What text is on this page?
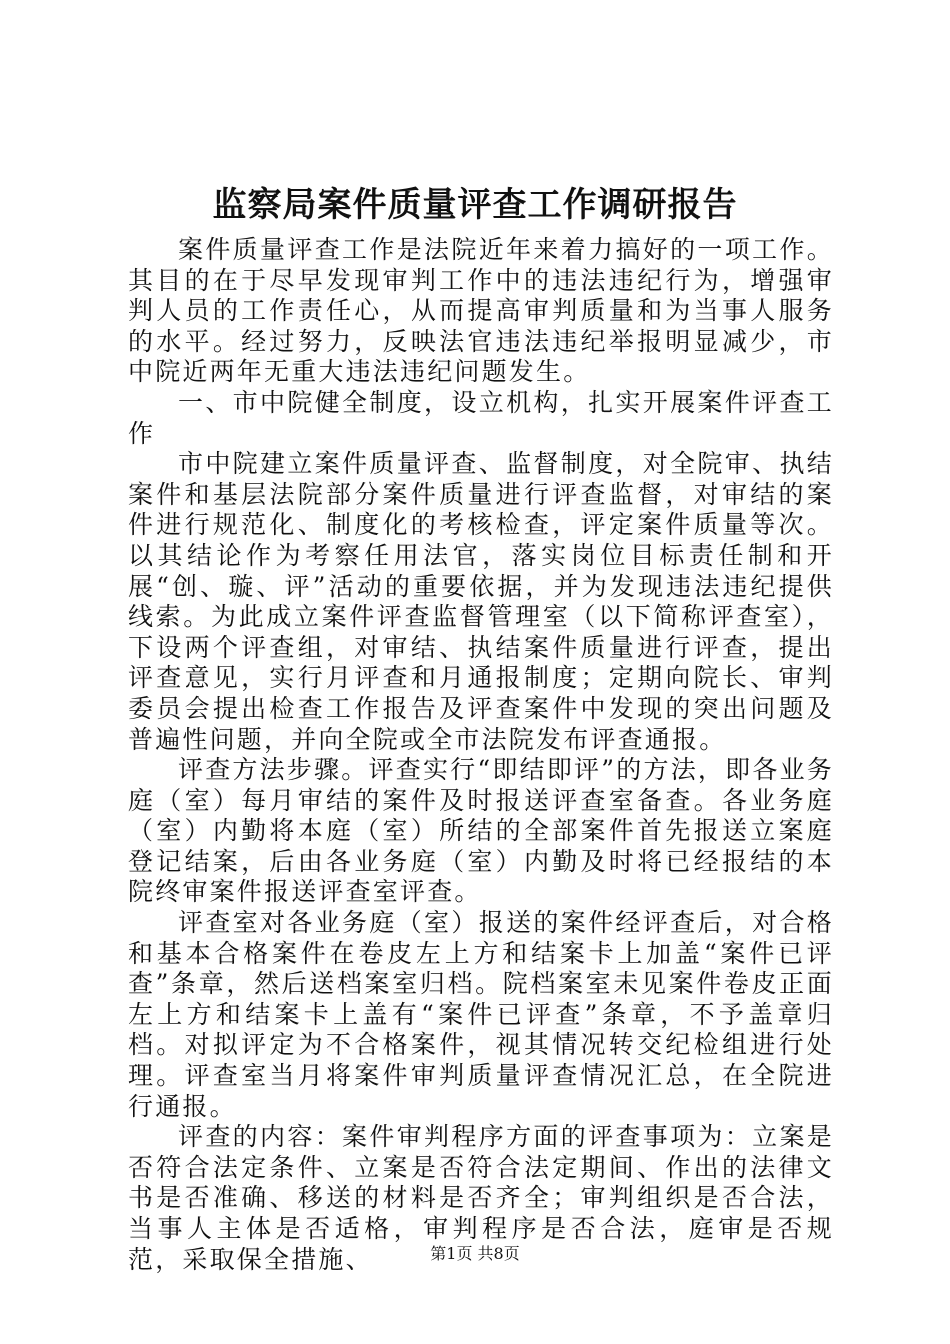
监察局案件质量评查工作调研报告

案件质量评查工作是法院近年来着力搞好的一项工作。其目的在于尽早发现审判工作中的违法违纪行为，增强审判人员的工作责任心，从而提高审判质量和为当事人服务的水平。经过努力，反映法官违法违纪举报明显减少，市中院近两年无重大违法违纪问题发生。

一、市中院健全制度，设立机构，扎实开展案件评查工作

市中院建立案件质量评查、监督制度，对全院审、执结案件和基层法院部分案件质量进行评查监督，对审结的案件进行规范化、制度化的考核检查，评定案件质量等次。以其结论作为考察任用法官，落实岗位目标责任制和开展“创、璇、评”活动的重要依据，并为发现违法违纪提供线索。为此成立案件评查监督管理室（以下简称评查室），下设两个评查组，对审结、执结案件质量进行评查，提出评查意见，实行月评查和月通报制度；定期向院长、审判委员会提出检查工作报告及评查案件中发现的突出问题及普遍性问题，并向全院或全市法院发布评查通报。

评查方法步骤。评查实行“即结即评”的方法，即各业务庭（室）每月审结的案件及时报送评查室备查。各业务庭（室）内勤将本庭（室）所结的全部案件首先报送立案庭登记结案，后由各业务庭（室）内勤及时将已经报结的本院终审案件报送评查室评查。

评查室对各业务庭（室）报送的案件经评查后，对合格和基本合格案件在卷皮左上方和结案卡上加盖“案件已评查”条章，然后送档案室归档。院档案室未见案件卷皮正面左上方和结案卡上盖有“案件已评查”条章，不予盖章归档。对拟评定为不合格案件，视其情况转交纪检组进行处理。评查室当月将案件审判质量评查情况汇总，在全院进行通报。

评查的内容：案件审判程序方面的评查事项为：立案是否符合法定条件、立案是否符合法定期间、作出的法律文书是否准确、移送的材料是否齐全；审判组织是否合法，当事人主体是否适格，审判程序是否合法，庭审是否规范，采取保全措施、	第1页 共8页
